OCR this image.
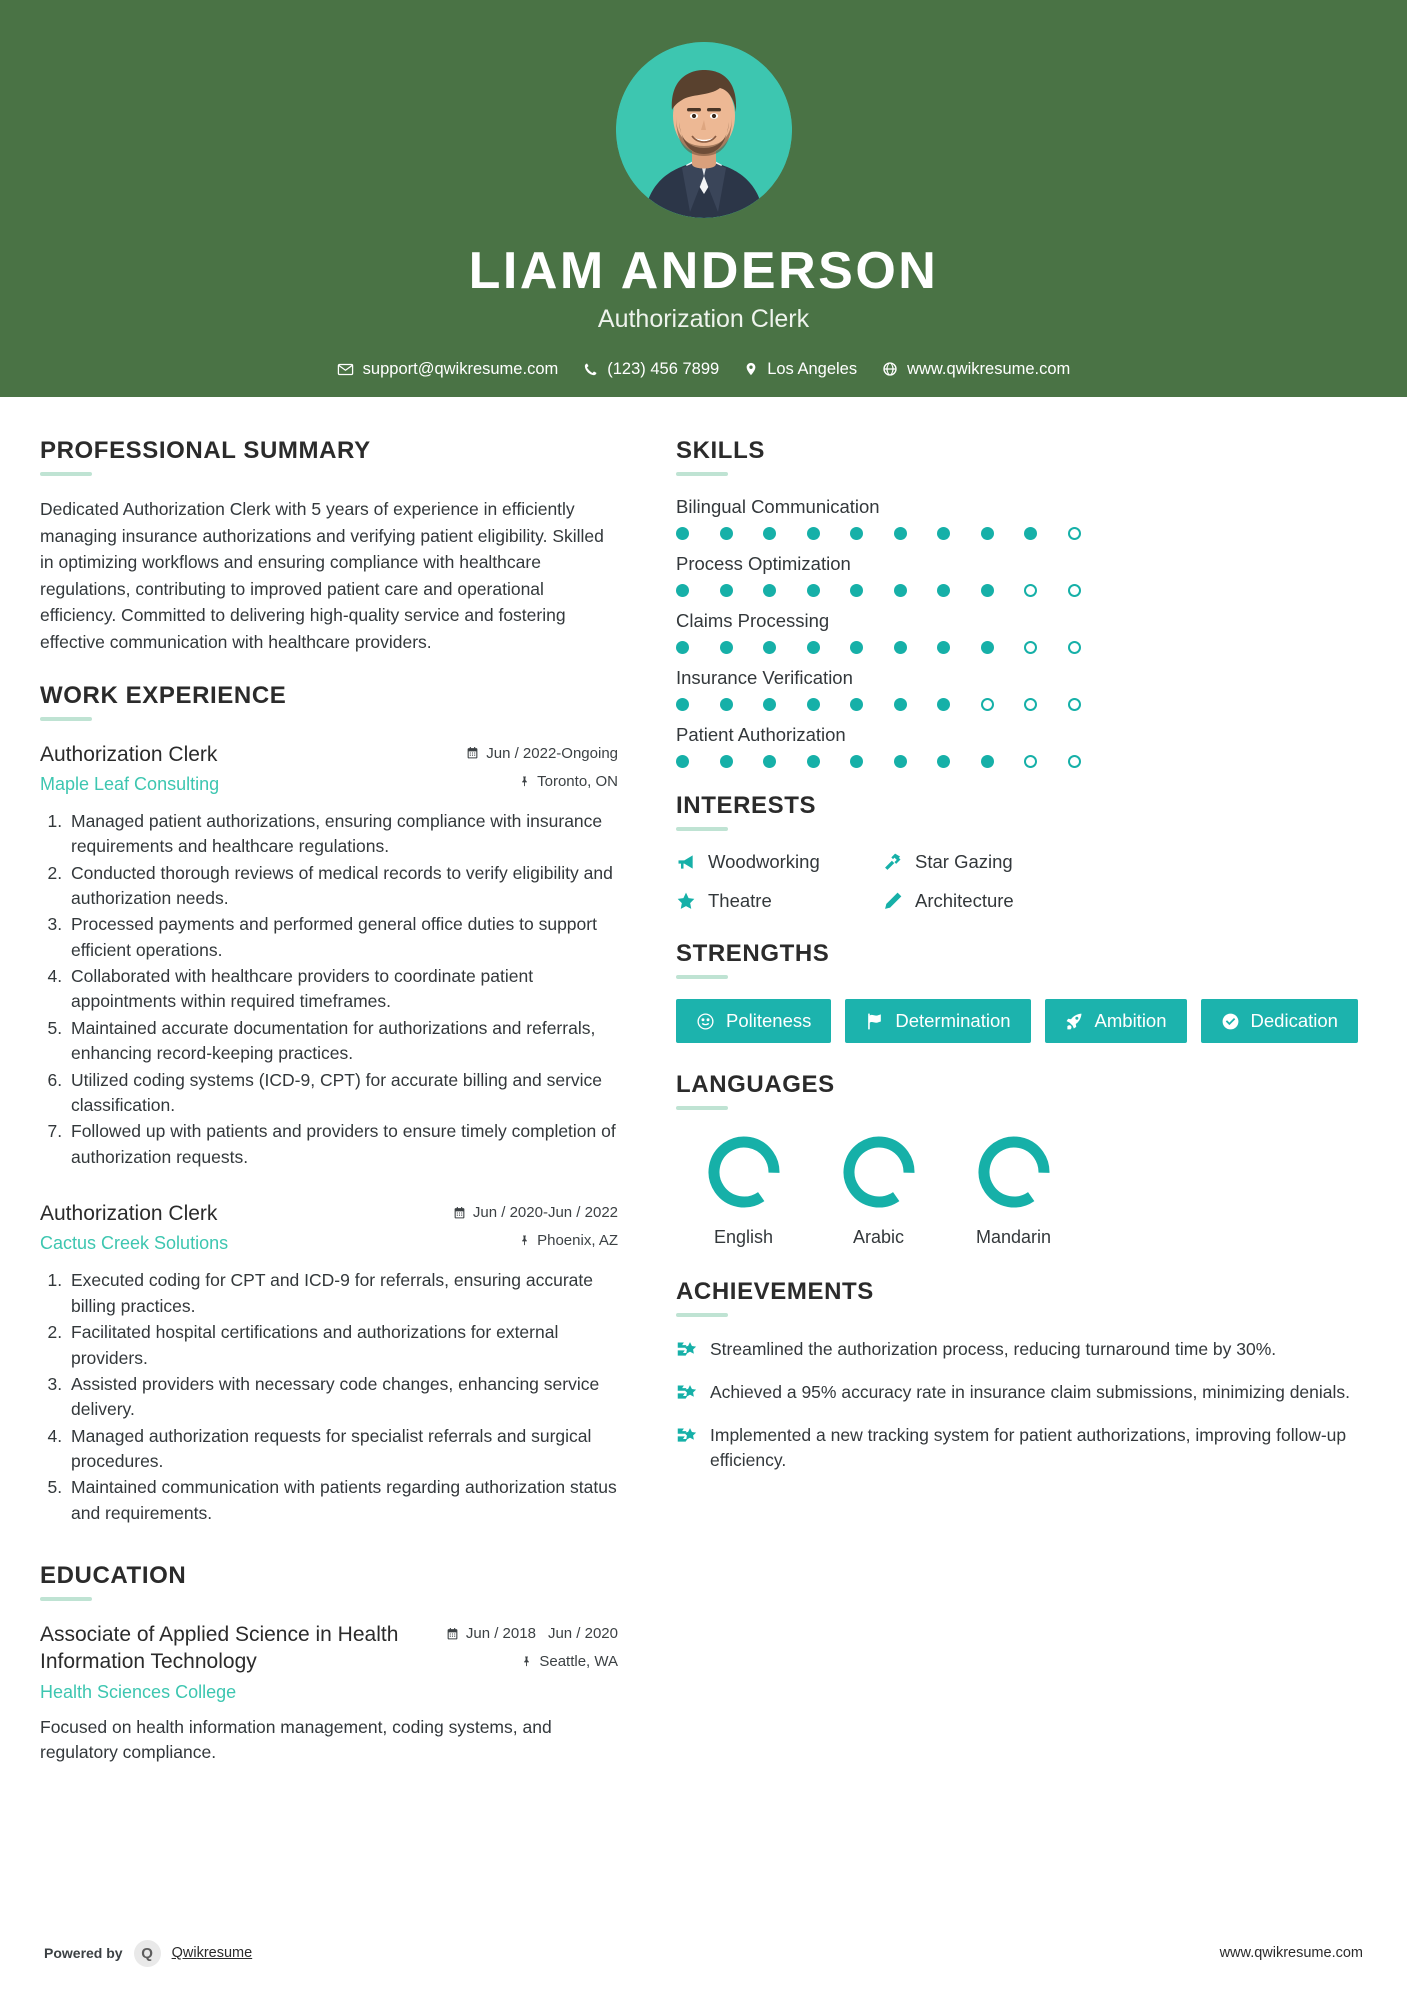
LIAM ANDERSON
Authorization Clerk
support@qwikresume.com	(123) 456 7899	Los Angeles	www.qwikresume.com
PROFESSIONAL SUMMARY

Dedicated Authorization Clerk with 5 years of experience in efficiently managing insurance authorizations and verifying patient eligibility. Skilled in optimizing workflows and ensuring compliance with healthcare regulations, contributing to improved patient care and operational efficiency. Committed to delivering high-quality service and fostering effective communication with healthcare providers.

WORK EXPERIENCE
Authorization Clerk
Maple Leaf Consulting
Jun / 2022-Ongoing
Toronto, ON
1. Managed patient authorizations, ensuring compliance with insurance requirements and healthcare regulations.
2. Conducted thorough reviews of medical records to verify eligibility and authorization needs.
3. Processed payments and performed general office duties to support efficient operations.
4. Collaborated with healthcare providers to coordinate patient appointments within required timeframes.
5. Maintained accurate documentation for authorizations and referrals, enhancing record-keeping practices.
6. Utilized coding systems (ICD-9, CPT) for accurate billing and service classification.
7. Followed up with patients and providers to ensure timely completion of authorization requests.
Authorization Clerk
Cactus Creek Solutions
Jun / 2020-Jun / 2022
Phoenix, AZ
1. Executed coding for CPT and ICD-9 for referrals, ensuring accurate billing practices.
2. Facilitated hospital certifications and authorizations for external providers.
3. Assisted providers with necessary code changes, enhancing service delivery.
4. Managed authorization requests for specialist referrals and surgical procedures.
5. Maintained communication with patients regarding authorization status and requirements.
EDUCATION
Associate of Applied Science in Health Information Technology
Health Sciences College
Jun / 2018 Jun / 2020
Seattle, WA

Focused on health information management, coding systems, and regulatory compliance.

SKILLS
Bilingual Communication
Process Optimization
Claims Processing
Insurance Verification
Patient Authorization
INTERESTS
Woodworking	Star Gazing
Theatre	Architecture
STRENGTHS
Politeness	Determination	Ambition	Dedication
LANGUAGES
English	Arabic	Mandarin
ACHIEVEMENTS
Streamlined the authorization process, reducing turnaround time by 30%.
Achieved a 95% accuracy rate in insurance claim submissions, minimizing denials.
Implemented a new tracking system for patient authorizations, improving follow-up efficiency.
Powered by	Q	Qwikresume	www.qwikresume.com
